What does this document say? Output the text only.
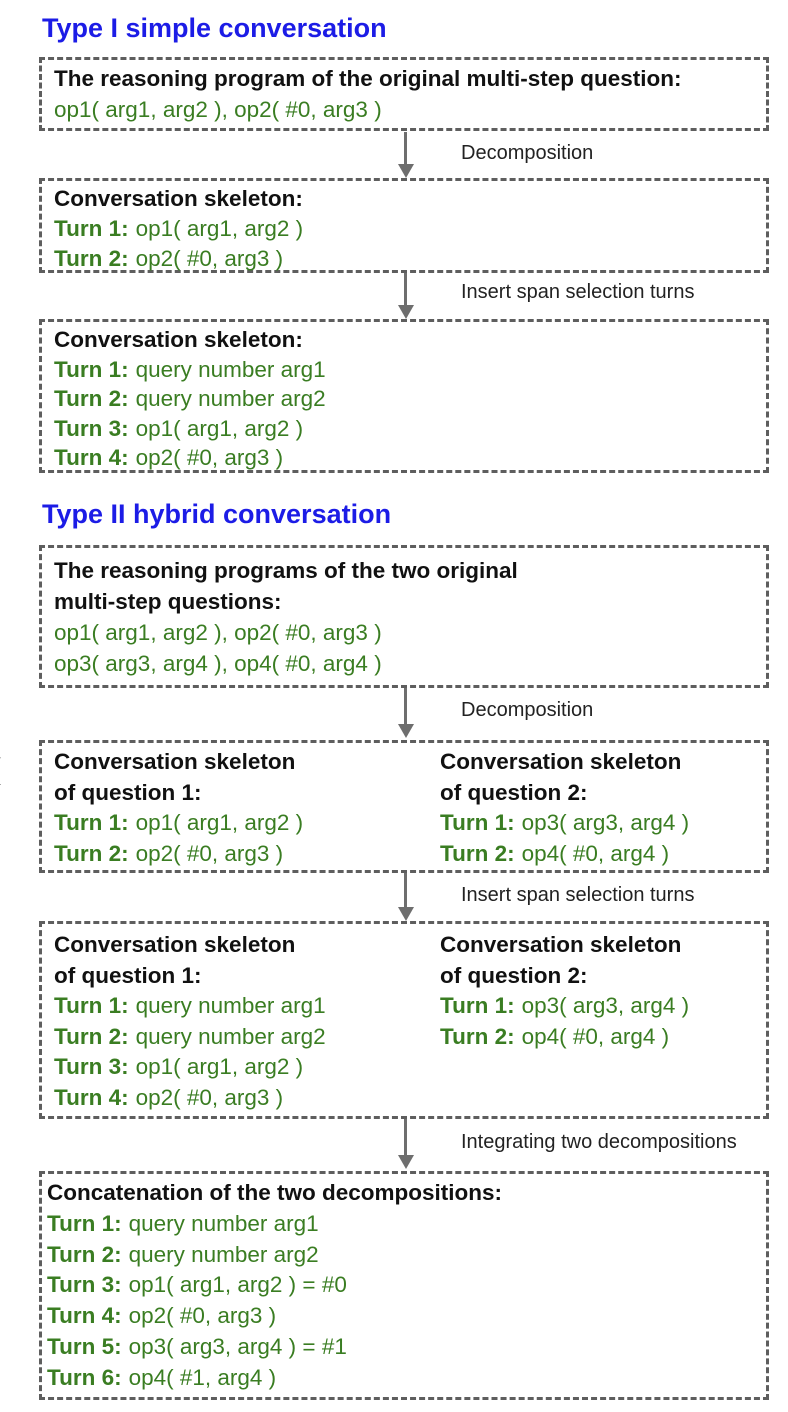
Type I simple conversation
The reasoning program of the original multi-step question:
op1( arg1, arg2 ), op2( #0, arg3 )
Decomposition
Conversation skeleton:
Turn 1: op1( arg1, arg2 )
Turn 2: op2( #0, arg3 )
Insert span selection turns
Conversation skeleton:
Turn 1: query number arg1
Turn 2: query number arg2
Turn 3: op1( arg1, arg2 )
Turn 4: op2( #0, arg3 )
Type II hybrid conversation
The reasoning programs of the two original
multi-step questions:
op1( arg1, arg2 ), op2( #0, arg3 )
op3( arg3, arg4 ), op4( #0, arg4 )
Decomposition
Conversation skeleton
of question 1:
Turn 1: op1( arg1, arg2 )
Turn 2: op2( #0, arg3 )
Conversation skeleton
of question 2:
Turn 1: op3( arg3, arg4 )
Turn 2: op4( #0, arg4 )
Insert span selection turns
Conversation skeleton
of question 1:
Turn 1: query number arg1
Turn 2: query number arg2
Turn 3: op1( arg1, arg2 )
Turn 4: op2( #0, arg3 )
Conversation skeleton
of question 2:
Turn 1: op3( arg3, arg4 )
Turn 2: op4( #0, arg4 )
Integrating two decompositions
Concatenation of the two decompositions:
Turn 1: query number arg1
Turn 2: query number arg2
Turn 3: op1( arg1, arg2 ) = #0
Turn 4: op2( #0, arg3 )
Turn 5: op3( arg3, arg4 ) = #1
Turn 6: op4( #1, arg4 )
